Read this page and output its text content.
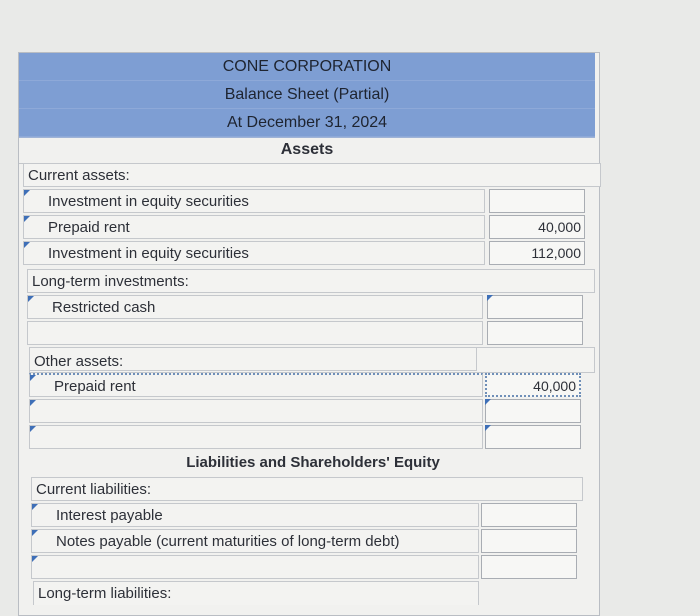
CONE CORPORATION
Balance Sheet (Partial)
At December 31, 2024
Assets
Current assets:
Investment in equity securities
Prepaid rent	40,000
Investment in equity securities	112,000
Long-term investments:
Restricted cash
Other assets:
Prepaid rent	40,000
Liabilities and Shareholders' Equity
Current liabilities:
Interest payable
Notes payable (current maturities of long-term debt)
Long-term liabilities:
